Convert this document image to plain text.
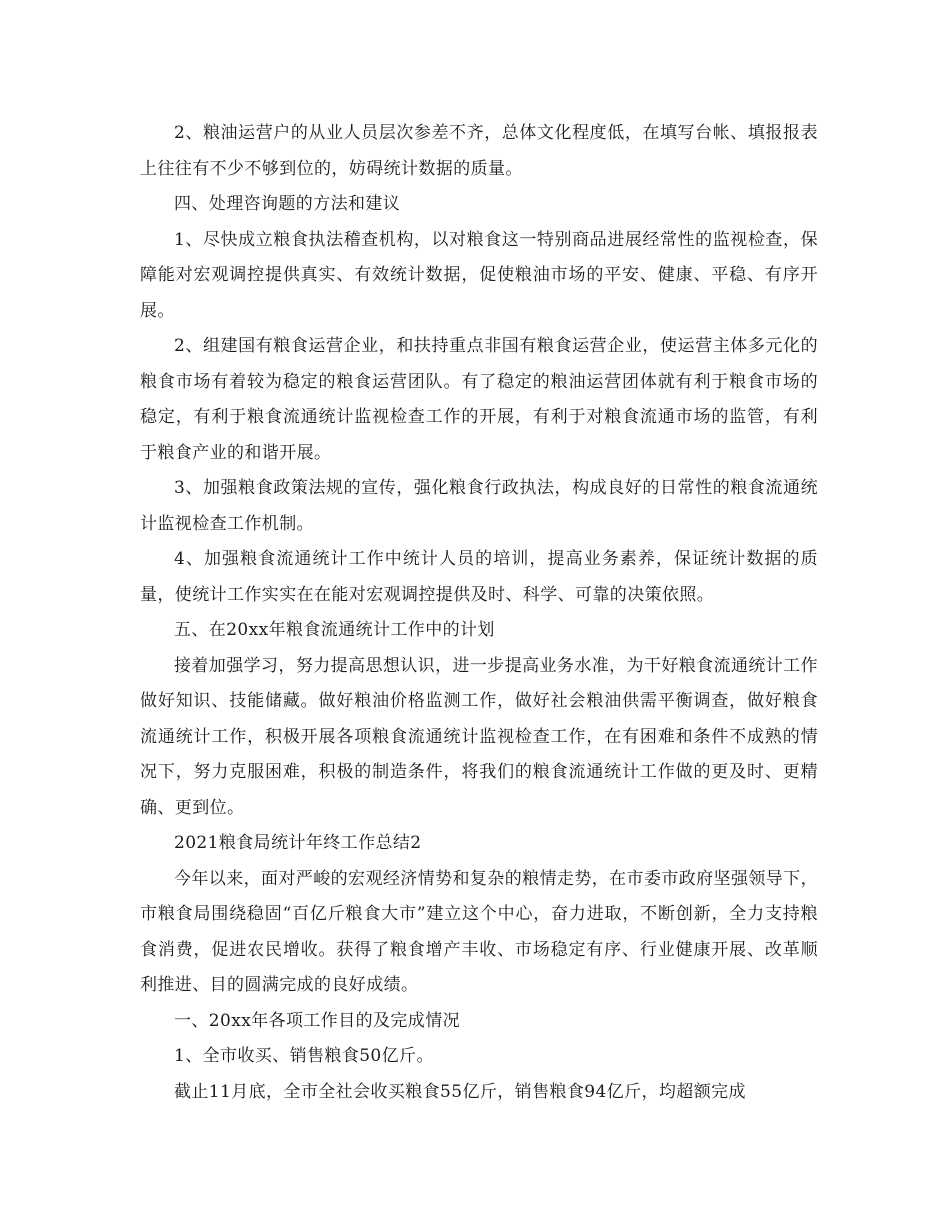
2、粮油运营户的从业人员层次参差不齐，总体文化程度低，在填写台帐、填报报表上往往有不少不够到位的，妨碍统计数据的质量。

四、处理咨询题的方法和建议

1、尽快成立粮食执法稽查机构，以对粮食这一特别商品进展经常性的监视检查，保障能对宏观调控提供真实、有效统计数据，促使粮油市场的平安、健康、平稳、有序开展。

2、组建国有粮食运营企业，和扶持重点非国有粮食运营企业，使运营主体多元化的粮食市场有着较为稳定的粮食运营团队。有了稳定的粮油运营团体就有利于粮食市场的稳定，有利于粮食流通统计监视检查工作的开展，有利于对粮食流通市场的监管，有利于粮食产业的和谐开展。

3、加强粮食政策法规的宣传，强化粮食行政执法，构成良好的日常性的粮食流通统计监视检查工作机制。

4、加强粮食流通统计工作中统计人员的培训，提高业务素养，保证统计数据的质量，使统计工作实实在在能对宏观调控提供及时、科学、可靠的决策依照。

五、在20xx年粮食流通统计工作中的计划

接着加强学习，努力提高思想认识，进一步提高业务水准，为干好粮食流通统计工作做好知识、技能储藏。做好粮油价格监测工作，做好社会粮油供需平衡调查，做好粮食流通统计工作，积极开展各项粮食流通统计监视检查工作，在有困难和条件不成熟的情况下，努力克服困难，积极的制造条件，将我们的粮食流通统计工作做的更及时、更精确、更到位。

2021粮食局统计年终工作总结2

今年以来，面对严峻的宏观经济情势和复杂的粮情走势，在市委市政府坚强领导下，市粮食局围绕稳固“百亿斤粮食大市”建立这个中心，奋力进取，不断创新，全力支持粮食消费，促进农民增收。获得了粮食增产丰收、市场稳定有序、行业健康开展、改革顺利推进、目的圆满完成的良好成绩。

一、20xx年各项工作目的及完成情况

1、全市收买、销售粮食50亿斤。

截止11月底，全市全社会收买粮食55亿斤，销售粮食94亿斤，均超额完成
